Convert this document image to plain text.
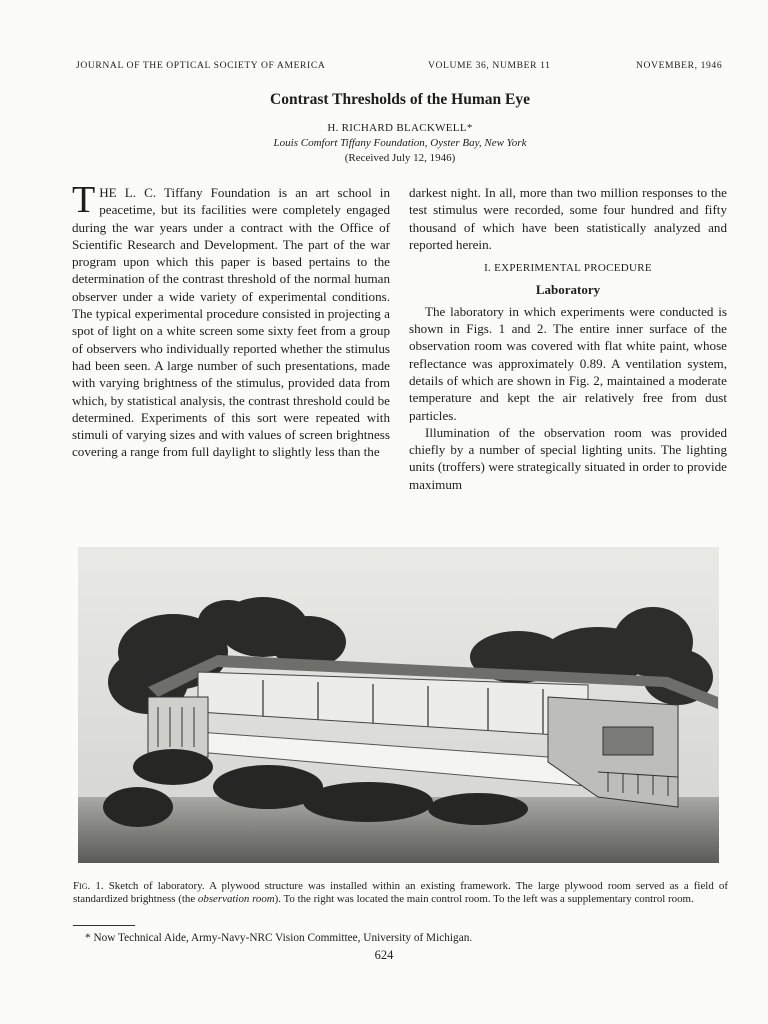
JOURNAL OF THE OPTICAL SOCIETY OF AMERICA	VOLUME 36, NUMBER 11	NOVEMBER, 1946
Contrast Thresholds of the Human Eye
H. RICHARD BLACKWELL*
Louis Comfort Tiffany Foundation, Oyster Bay, New York
(Received July 12, 1946)

THE L. C. Tiffany Foundation is an art school in peacetime, but its facilities were completely engaged during the war years under a contract with the Office of Scientific Research and Development. The part of the war program upon which this paper is based pertains to the determination of the contrast threshold of the normal human observer under a wide variety of experimental conditions. The typical experimental procedure consisted in projecting a spot of light on a white screen some sixty feet from a group of observers who individually reported whether the stimulus had been seen. A large number of such presentations, made with varying brightness of the stimulus, provided data from which, by statistical analysis, the contrast threshold could be determined. Experiments of this sort were repeated with stimuli of varying sizes and with values of screen brightness covering a range from full daylight to slightly less than the

darkest night. In all, more than two million responses to the test stimulus were recorded, some four hundred and fifty thousand of which have been statistically analyzed and reported herein.

I. EXPERIMENTAL PROCEDURE
Laboratory

The laboratory in which experiments were conducted is shown in Figs. 1 and 2. The entire inner surface of the observation room was covered with flat white paint, whose reflectance was approximately 0.89. A ventilation system, details of which are shown in Fig. 2, maintained a moderate temperature and kept the air relatively free from dust particles.

Illumination of the observation room was provided chiefly by a number of special lighting units. The lighting units (troffers) were strategically situated in order to provide maximum

Fig. 1. Sketch of laboratory. A plywood structure was installed within an existing framework. The large plywood room served as a field of standardized brightness (the observation room). To the right was located the main control room. To the left was a supplementary control room.
* Now Technical Aide, Army-Navy-NRC Vision Committee, University of Michigan.
624
